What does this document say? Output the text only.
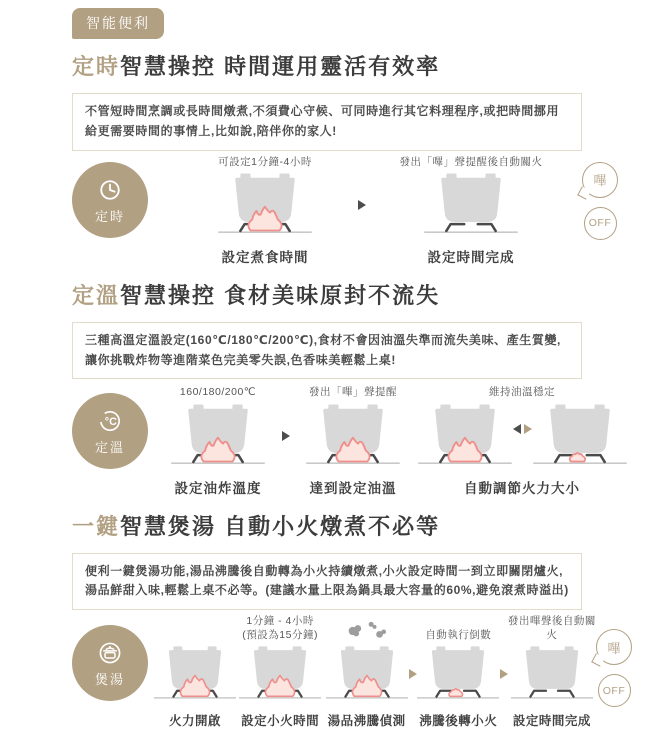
智能便利
定時智慧操控 時間運用靈活有效率
不管短時間烹調或長時間燉煮,不須費心守候、可同時進行其它料理程序,或把時間挪用給更需要時間的事情上,比如說,陪伴你的家人!
定時
可設定1分鐘-4小時
設定煮食時間
發出「嗶」聲提醒後自動關火
設定時間完成
嗶
OFF
定溫智慧操控 食材美味原封不流失
三種高溫定溫設定(160℃/180℃/200℃),食材不會因油溫失準而流失美味、產生質變,讓你挑戰炸物等進階菜色完美零失誤,色香味美輕鬆上桌!
°C
定溫
160/180/200℃
設定油炸溫度
發出「嗶」聲提醒
達到設定油溫
維持油溫穩定
自動調節火力大小
一鍵智慧煲湯 自動小火燉煮不必等
便利一鍵煲湯功能,湯品沸騰後自動轉為小火持續燉煮,小火設定時間一到立即關閉爐火,湯品鮮甜入味,輕鬆上桌不必等。(建議水量上限為鍋具最大容量的60%,避免滾煮時溢出)
煲湯
火力開啟
1分鐘 - 4小時
(預設為15分鐘)
設定小火時間 湯品沸騰偵測
自動執行倒數
沸騰後轉小火
發出嗶聲後自動關火
設定時間完成
嗶
OFF
